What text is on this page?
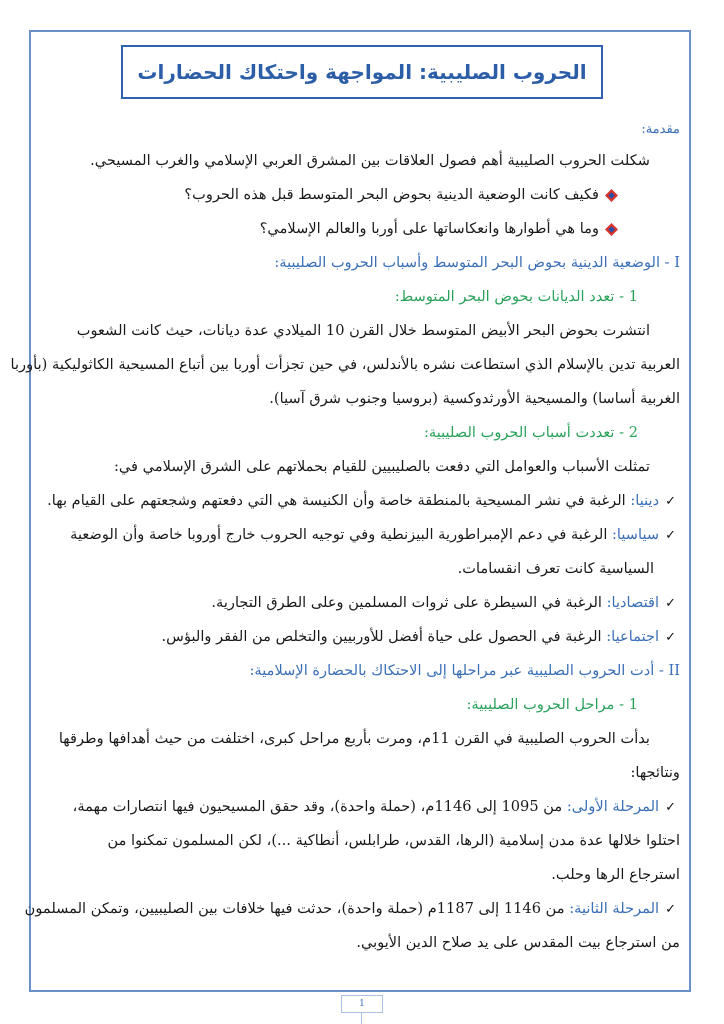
الحروب الصليبية: المواجهة واحتكاك الحضارات
مقدمة:
شكلت الحروب الصليبية أهم فصول العلاقات بين المشرق العربي الإسلامي والغرب المسيحي.
فكيف كانت الوضعية الدينية بحوض البحر المتوسط قبل هذه الحروب؟
وما هي أطوارها وانعكاساتها على أوربا والعالم الإسلامي؟
I - الوضعية الدينية بحوض البحر المتوسط وأسباب الحروب الصليبية:
1 - تعدد الديانات بحوض البحر المتوسط:
انتشرت بحوض البحر الأبيض المتوسط خلال القرن 10 الميلادي عدة ديانات، حيث كانت الشعوب
العربية تدين بالإسلام الذي استطاعت نشره بالأندلس، في حين تجزأت أوربا بين أتباع المسيحية الكاثوليكية (بأوربا
الغربية أساسا) والمسيحية الأورثدوكسية (بروسيا وجنوب شرق آسيا).
2 - تعددت أسباب الحروب الصليبية:
تمثلت الأسباب والعوامل التي دفعت بالصليبيين للقيام بحملاتهم على الشرق الإسلامي في:
✓دينيا: الرغبة في نشر المسيحية بالمنطقة خاصة وأن الكنيسة هي التي دفعتهم وشجعتهم على القيام بها.
✓سياسيا: الرغبة في دعم الإمبراطورية البيزنطية وفي توجيه الحروب خارج أوروبا خاصة وأن الوضعية
السياسية كانت تعرف انقسامات.
✓اقتصاديا: الرغبة في السيطرة على ثروات المسلمين وعلى الطرق التجارية.
✓اجتماعيا: الرغبة في الحصول على حياة أفضل للأوربيين والتخلص من الفقر والبؤس.
II - أدت الحروب الصليبية عبر مراحلها إلى الاحتكاك بالحضارة الإسلامية:
1 - مراحل الحروب الصليبية:
بدأت الحروب الصليبية في القرن 11م، ومرت بأربع مراحل كبرى، اختلفت من حيث أهدافها وطرقها
ونتائجها:
✓المرحلة الأولى: من 1095 إلى 1146م، (حملة واحدة)، وقد حقق المسيحيون فيها انتصارات مهمة،
احتلوا خلالها عدة مدن إسلامية (الرها، القدس، طرابلس، أنطاكية ...)، لكن المسلمون تمكنوا من
استرجاع الرها وحلب.
✓المرحلة الثانية: من 1146 إلى 1187م (حملة واحدة)، حدثت فيها خلافات بين الصليبيين، وتمكن المسلمون
من استرجاع بيت المقدس على يد صلاح الدين الأيوبي.
1
